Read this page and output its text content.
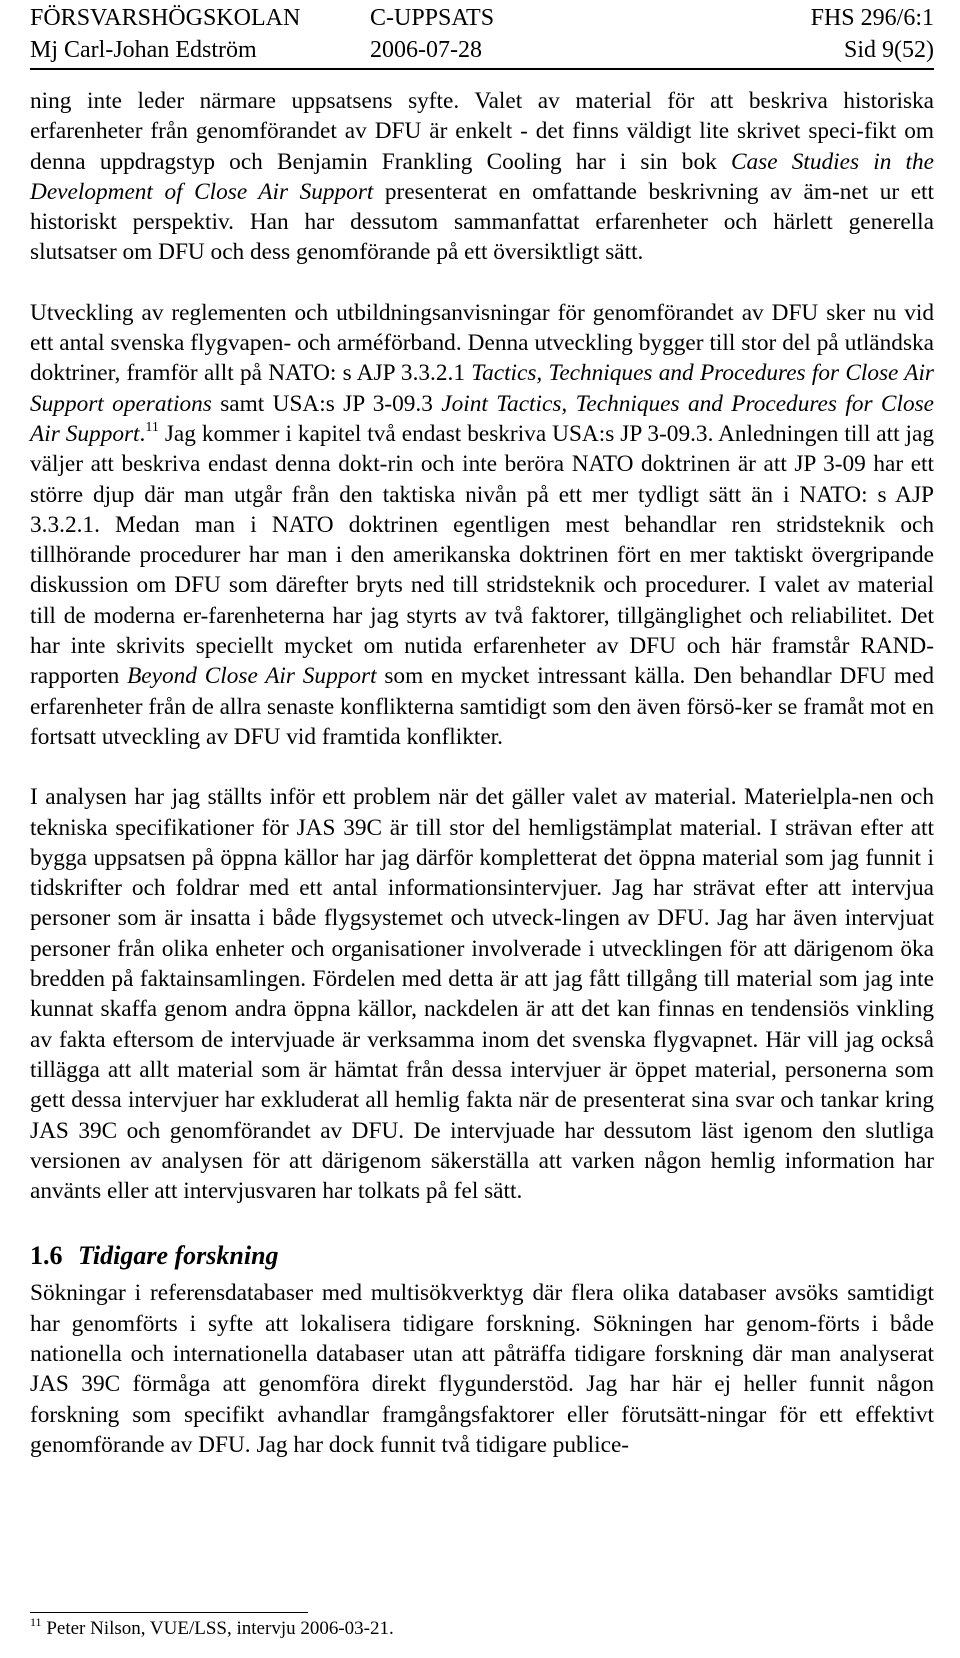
FÖRSVARSHÖGSKOLAN	C-UPPSATS	FHS 296/6:1
Mj Carl-Johan Edström	2006-07-28	Sid 9(52)

ning inte leder närmare uppsatsens syfte. Valet av material för att beskriva historiska erfarenheter från genomförandet av DFU är enkelt - det finns väldigt lite skrivet speci-fikt om denna uppdragstyp och Benjamin Frankling Cooling har i sin bok Case Studies in the Development of Close Air Support presenterat en omfattande beskrivning av äm-net ur ett historiskt perspektiv. Han har dessutom sammanfattat erfarenheter och härlett generella slutsatser om DFU och dess genomförande på ett översiktligt sätt.

Utveckling av reglementen och utbildningsanvisningar för genomförandet av DFU sker nu vid ett antal svenska flygvapen- och arméförband. Denna utveckling bygger till stor del på utländska doktriner, framför allt på NATO: s AJP 3.3.2.1 Tactics, Techniques and Procedures for Close Air Support operations samt USA:s JP 3-09.3 Joint Tactics, Techniques and Procedures for Close Air Support.$^{11}$ Jag kommer i kapitel två endast beskriva USA:s JP 3-09.3. Anledningen till att jag väljer att beskriva endast denna dokt-rin och inte beröra NATO doktrinen är att JP 3-09 har ett större djup där man utgår från den taktiska nivån på ett mer tydligt sätt än i NATO: s AJP 3.3.2.1. Medan man i NATO doktrinen egentligen mest behandlar ren stridsteknik och tillhörande procedurer har man i den amerikanska doktrinen fört en mer taktiskt övergripande diskussion om DFU som därefter bryts ned till stridsteknik och procedurer. I valet av material till de moderna er-farenheterna har jag styrts av två faktorer, tillgänglighet och reliabilitet. Det har inte skrivits speciellt mycket om nutida erfarenheter av DFU och här framstår RAND-rapporten Beyond Close Air Support som en mycket intressant källa. Den behandlar DFU med erfarenheter från de allra senaste konflikterna samtidigt som den även försö-ker se framåt mot en fortsatt utveckling av DFU vid framtida konflikter.

I analysen har jag ställts inför ett problem när det gäller valet av material. Materielpla-nen och tekniska specifikationer för JAS 39C är till stor del hemligstämplat material. I strävan efter att bygga uppsatsen på öppna källor har jag därför kompletterat det öppna material som jag funnit i tidskrifter och foldrar med ett antal informationsintervjuer. Jag har strävat efter att intervjua personer som är insatta i både flygsystemet och utveck-lingen av DFU. Jag har även intervjuat personer från olika enheter och organisationer involverade i utvecklingen för att därigenom öka bredden på faktainsamlingen. Fördelen med detta är att jag fått tillgång till material som jag inte kunnat skaffa genom andra öppna källor, nackdelen är att det kan finnas en tendensiös vinkling av fakta eftersom de intervjuade är verksamma inom det svenska flygvapnet. Här vill jag också tillägga att allt material som är hämtat från dessa intervjuer är öppet material, personerna som gett dessa intervjuer har exkluderat all hemlig fakta när de presenterat sina svar och tankar kring JAS 39C och genomförandet av DFU. De intervjuade har dessutom läst igenom den slutliga versionen av analysen för att därigenom säkerställa att varken någon hemlig information har använts eller att intervjusvaren har tolkats på fel sätt.

1.6 Tidigare forskning

Sökningar i referensdatabaser med multisökverktyg där flera olika databaser avsöks samtidigt har genomförts i syfte att lokalisera tidigare forskning. Sökningen har genom-förts i både nationella och internationella databaser utan att påträffa tidigare forskning där man analyserat JAS 39C förmåga att genomföra direkt flygunderstöd. Jag har här ej heller funnit någon forskning som specifikt avhandlar framgångsfaktorer eller förutsätt-ningar för ett effektivt genomförande av DFU. Jag har dock funnit två tidigare publice-

$^{11}$ Peter Nilson, VUE/LSS, intervju 2006-03-21.
